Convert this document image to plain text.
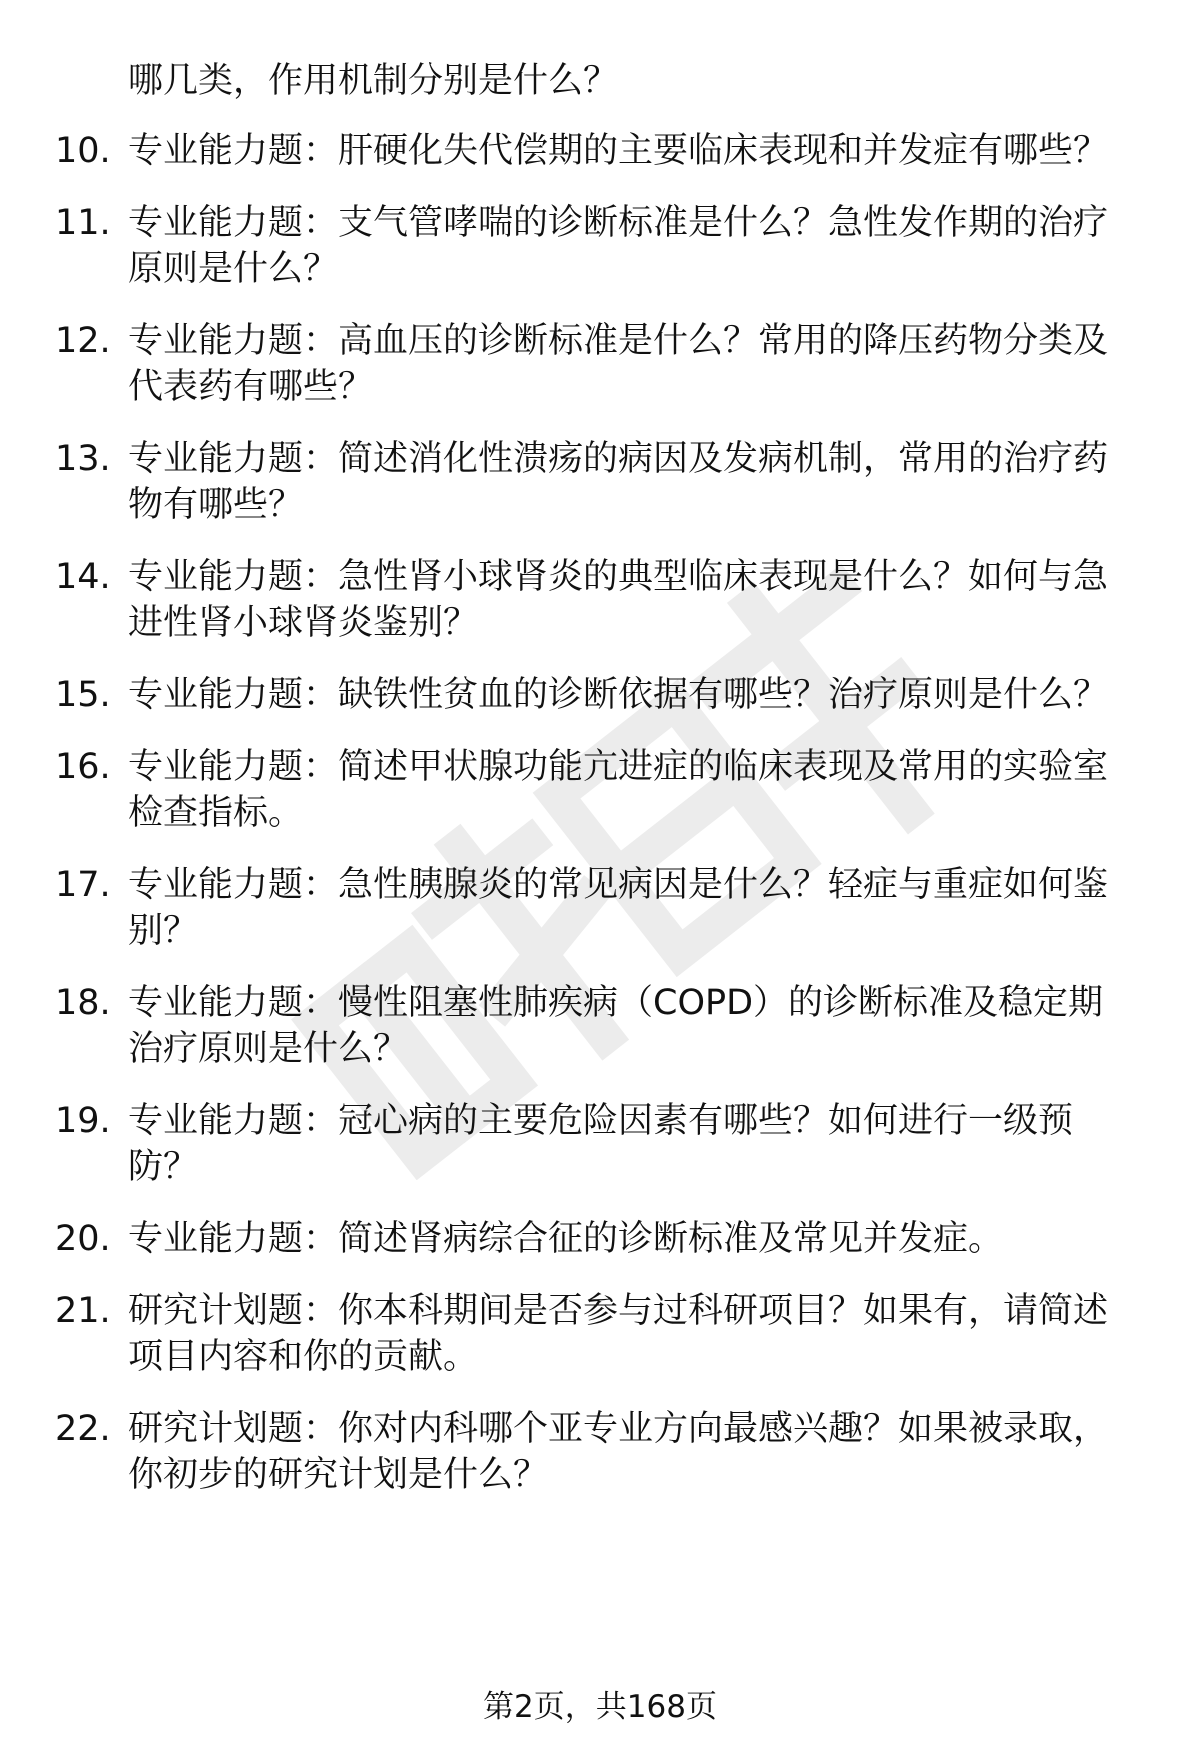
哪几类，作用机制分别是什么？
10. 专业能力题：肝硬化失代偿期的主要临床表现和并发症有哪些？
11. 专业能力题：支气管哮喘的诊断标准是什么？急性发作期的治疗
原则是什么？
12. 专业能力题：高血压的诊断标准是什么？常用的降压药物分类及
代表药有哪些？
13. 专业能力题：简述消化性溃疡的病因及发病机制，常用的治疗药
物有哪些？
14. 专业能力题：急性肾小球肾炎的典型临床表现是什么？如何与急
进性肾小球肾炎鉴别？
15. 专业能力题：缺铁性贫血的诊断依据有哪些？治疗原则是什么？
16. 专业能力题：简述甲状腺功能亢进症的临床表现及常用的实验室
检查指标。
17. 专业能力题：急性胰腺炎的常见病因是什么？轻症与重症如何鉴
别？
18. 专业能力题：慢性阻塞性肺疾病（COPD）的诊断标准及稳定期
治疗原则是什么？
19. 专业能力题：冠心病的主要危险因素有哪些？如何进行一级预
防？
20. 专业能力题：简述肾病综合征的诊断标准及常见并发症。
21. 研究计划题：你本科期间是否参与过科研项目？如果有，请简述
项目内容和你的贡献。
22. 研究计划题：你对内科哪个亚专业方向最感兴趣？如果被录取，
你初步的研究计划是什么？
第2页，共168页
